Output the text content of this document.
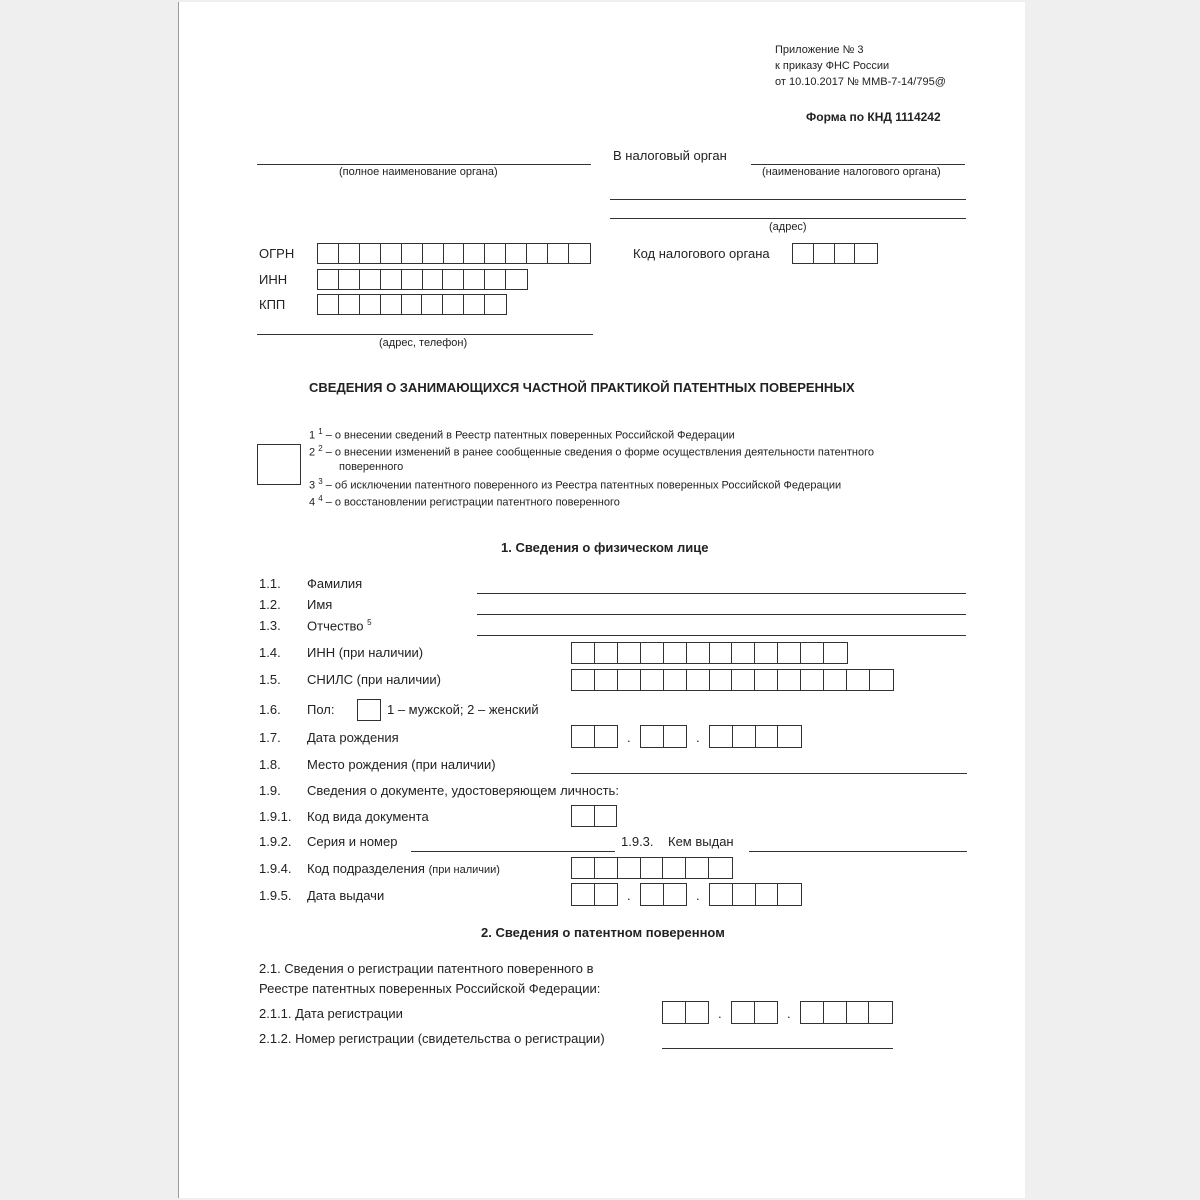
Приложение № 3
к приказу ФНС России
от 10.10.2017 № ММВ-7-14/795@
Форма по КНД 1114242
(полное наименование органа)
В налоговый орган
(наименование налогового органа)
(адрес)
ОГРН
ИНН
КПП
Код налогового органа
(адрес, телефон)
СВЕДЕНИЯ О ЗАНИМАЮЩИХСЯ ЧАСТНОЙ ПРАКТИКОЙ ПАТЕНТНЫХ ПОВЕРЕННЫХ
1 $^1$ – о внесении сведений в Реестр патентных поверенных Российской Федерации
2 $^2$ – о внесении изменений в ранее сообщенные сведения о форме осуществления деятельности патентного
поверенного
3 $^3$ – об исключении патентного поверенного из Реестра патентных поверенных Российской Федерации
4 $^4$ – о восстановлении регистрации патентного поверенного
1. Сведения о физическом лице
1.1. Фамилия
1.2. Имя
1.3. Отчество $^5$
1.4. ИНН (при наличии)
1.5. СНИЛС (при наличии)
1.6. Пол:	1 – мужской; 2 – женский
1.7. Дата рождения	.	.
1.8. Место рождения (при наличии)
1.9. Сведения о документе, удостоверяющем личность:
1.9.1. Код вида документа
1.9.2. Серия и номер	1.9.3. Кем выдан
1.9.4. Код подразделения (при наличии)
1.9.5. Дата выдачи	.	.
2. Сведения о патентном поверенном
2.1. Сведения о регистрации патентного поверенного в
Реестре патентных поверенных Российской Федерации:
2.1.1. Дата регистрации	.	.
2.1.2. Номер регистрации (свидетельства о регистрации)
